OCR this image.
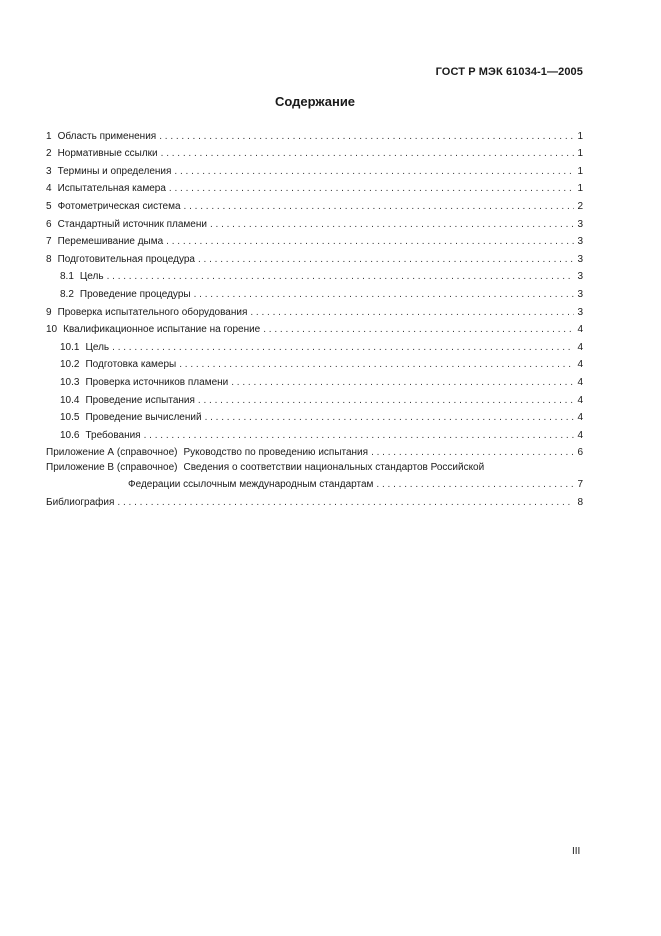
ГОСТ Р МЭК 61034-1—2005
Содержание
1 Область применения . . .	1
2 Нормативные ссылки . . .	1
3 Термины и определения . . .	1
4 Испытательная камера . . .	1
5 Фотометрическая система . . .	2
6 Стандартный источник пламени . . .	3
7 Перемешивание дыма . . .	3
8 Подготовительная процедура . . .	3
8.1 Цель . . .	3
8.2 Проведение процедуры . . .	3
9 Проверка испытательного оборудования . . .	3
10 Квалификационное испытание на горение . . .	4
10.1 Цель . . .	4
10.2 Подготовка камеры . . .	4
10.3 Проверка источников пламени . . .	4
10.4 Проведение испытания . . .	4
10.5 Проведение вычислений . . .	4
10.6 Требования . . .	4
Приложение А (справочное) Руководство по проведению испытания . . .	6
Приложение В (справочное) Сведения о соответствии национальных стандартов Российской
Федерации ссылочным международным стандартам . . .	7
Библиография . . .	8
III
